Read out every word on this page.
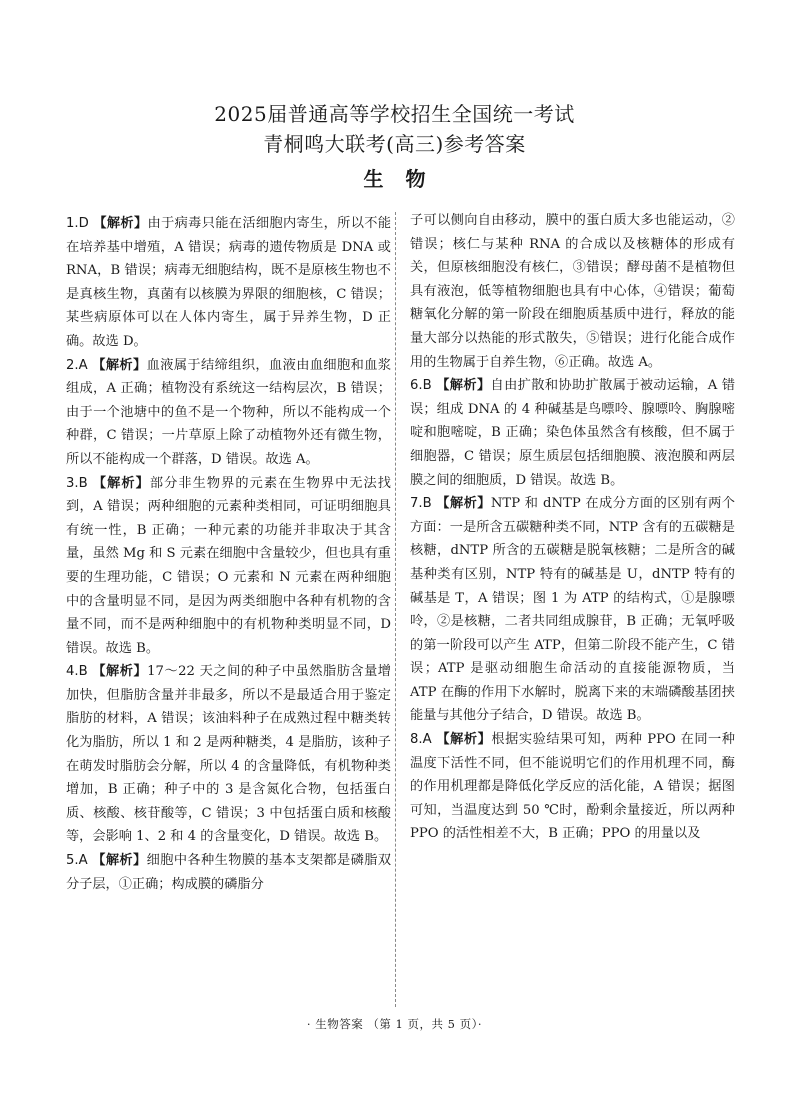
2025届普通高等学校招生全国统一考试
青桐鸣大联考(高三)参考答案
生物

1.D 【解析】由于病毒只能在活细胞内寄生，所以不能在培养基中增殖，A 错误；病毒的遗传物质是 DNA 或 RNA，B 错误；病毒无细胞结构，既不是原核生物也不是真核生物，真菌有以核膜为界限的细胞核，C 错误；某些病原体可以在人体内寄生，属于异养生物，D 正确。故选 D。

2.A 【解析】血液属于结缔组织，血液由血细胞和血浆组成，A 正确；植物没有系统这一结构层次，B 错误；由于一个池塘中的鱼不是一个物种，所以不能构成一个种群，C 错误；一片草原上除了动植物外还有微生物，所以不能构成一个群落，D 错误。故选 A。

3.B 【解析】部分非生物界的元素在生物界中无法找到，A 错误；两种细胞的元素种类相同，可证明细胞具有统一性，B 正确；一种元素的功能并非取决于其含量，虽然 Mg 和 S 元素在细胞中含量较少，但也具有重要的生理功能，C 错误；O 元素和 N 元素在两种细胞中的含量明显不同，是因为两类细胞中各种有机物的含量不同，而不是两种细胞中的有机物种类明显不同，D 错误。故选 B。

4.B 【解析】17～22 天之间的种子中虽然脂肪含量增加快，但脂肪含量并非最多，所以不是最适合用于鉴定脂肪的材料，A 错误；该油料种子在成熟过程中糖类转化为脂肪，所以 1 和 2 是两种糖类，4 是脂肪，该种子在萌发时脂肪会分解，所以 4 的含量降低，有机物种类增加，B 正确；种子中的 3 是含氮化合物，包括蛋白质、核酸、核苷酸等，C 错误；3 中包括蛋白质和核酸等，会影响 1、2 和 4 的含量变化，D 错误。故选 B。

5.A 【解析】细胞中各种生物膜的基本支架都是磷脂双分子层，①正确；构成膜的磷脂分

子可以侧向自由移动，膜中的蛋白质大多也能运动，②错误；核仁与某种 RNA 的合成以及核糖体的形成有关，但原核细胞没有核仁，③错误；酵母菌不是植物但具有液泡，低等植物细胞也具有中心体，④错误；葡萄糖氧化分解的第一阶段在细胞质基质中进行，释放的能量大部分以热能的形式散失，⑤错误；进行化能合成作用的生物属于自养生物，⑥正确。故选 A。

6.B 【解析】自由扩散和协助扩散属于被动运输，A 错误；组成 DNA 的 4 种碱基是鸟嘌呤、腺嘌呤、胸腺嘧啶和胞嘧啶，B 正确；染色体虽然含有核酸，但不属于细胞器，C 错误；原生质层包括细胞膜、液泡膜和两层膜之间的细胞质，D 错误。故选 B。

7.B 【解析】NTP 和 dNTP 在成分方面的区别有两个方面：一是所含五碳糖种类不同，NTP 含有的五碳糖是核糖，dNTP 所含的五碳糖是脱氧核糖；二是所含的碱基种类有区别，NTP 特有的碱基是 U，dNTP 特有的碱基是 T，A 错误；图 1 为 ATP 的结构式，①是腺嘌呤，②是核糖，二者共同组成腺苷，B 正确；无氧呼吸的第一阶段可以产生 ATP，但第二阶段不能产生，C 错误；ATP 是驱动细胞生命活动的直接能源物质，当 ATP 在酶的作用下水解时，脱离下来的末端磷酸基团挟能量与其他分子结合，D 错误。故选 B。

8.A 【解析】根据实验结果可知，两种 PPO 在同一种温度下活性不同，但不能说明它们的作用机理不同，酶的作用机理都是降低化学反应的活化能，A 错误；据图可知，当温度达到 50 ℃时，酚剩余量接近，所以两种 PPO 的活性相差不大，B 正确；PPO 的用量以及

· 生物答案 （第 1 页，共 5 页）·
